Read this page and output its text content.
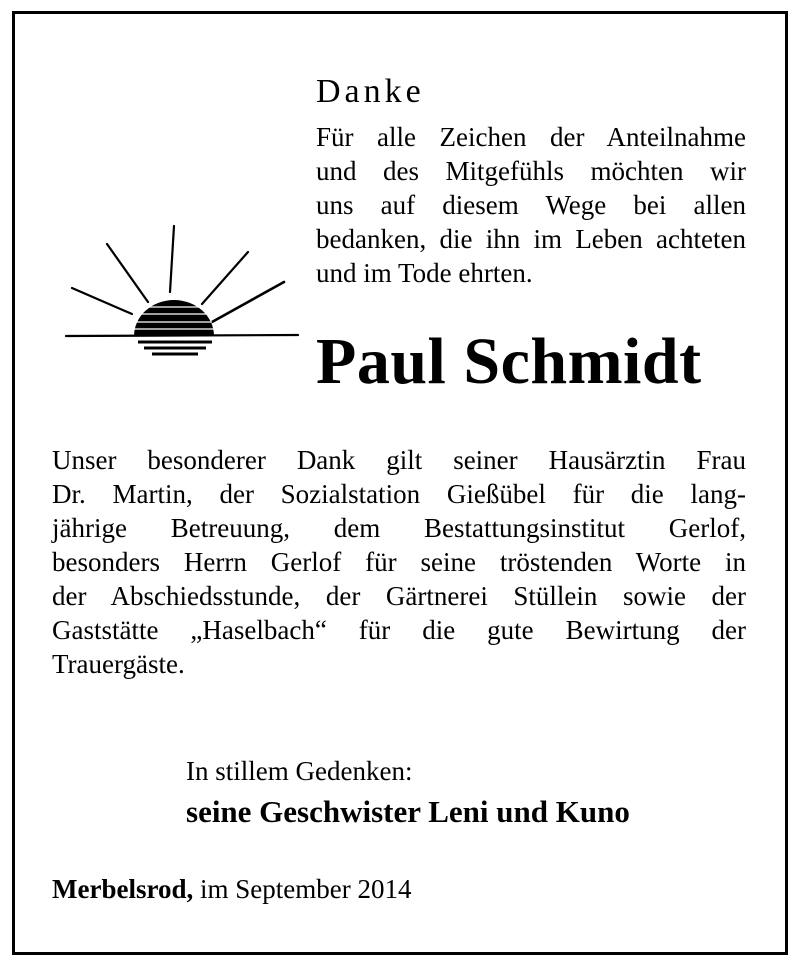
Danke
Für alle Zeichen der Anteilnahme
und des Mitgefühls möchten wir
uns auf diesem Wege bei allen
bedanken, die ihn im Leben achteten
und im Tode ehrten.
Paul Schmidt
Unser besonderer Dank gilt seiner Hausärztin Frau
Dr. Martin, der Sozialstation Gießübel für die lang-
jährige Betreuung, dem Bestattungsinstitut Gerlof,
besonders Herrn Gerlof für seine tröstenden Worte in
der Abschiedsstunde, der Gärtnerei Stüllein sowie der
Gaststätte „Haselbach“ für die gute Bewirtung der
Trauergäste.
In stillem Gedenken:
seine Geschwister Leni und Kuno
Merbelsrod, im September 2014
